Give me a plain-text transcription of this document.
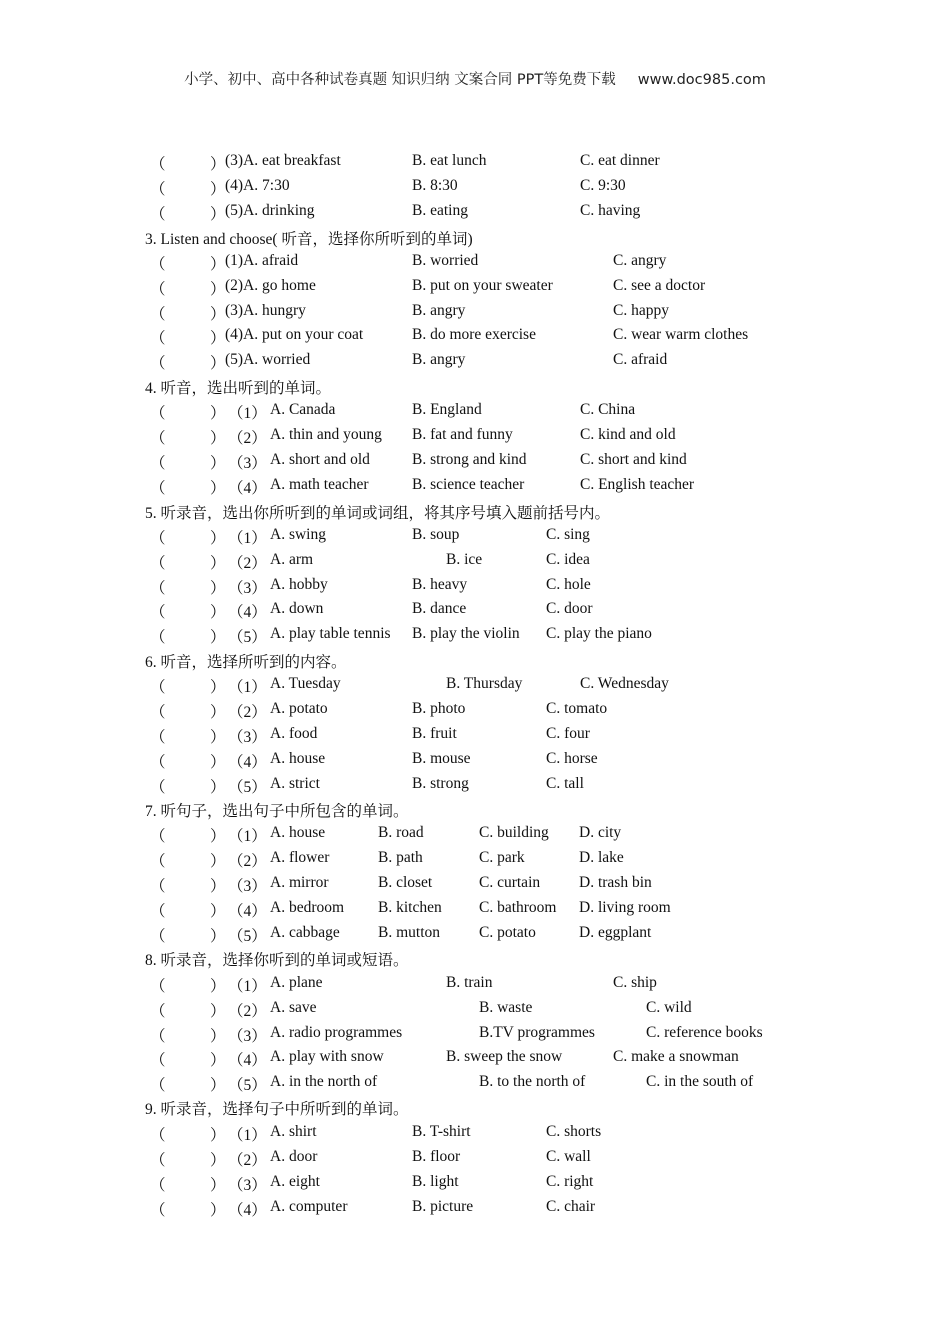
小学、初中、高中各种试卷真题 知识归纳 文案合同 PPT等免费下载 www.doc985.com
（	） (3)A. eat breakfast	B. eat lunch	C. eat dinner
（	） (4)A. 7:30	B. 8:30	C. 9:30
（	） (5)A. drinking	B. eating	C. having
3. Listen and choose( 听音，选择你所听到的单词)
（	） (1)A. afraid	B. worried	C. angry
（	） (2)A. go home	B. put on your sweater	C. see a doctor
（	） (3)A. hungry	B. angry	C. happy
（	） (4)A. put on your coat	B. do more exercise	C. wear warm clothes
（	） (5)A. worried	B. angry	C. afraid
4. 听音，选出听到的单词。
（	） （1） A. Canada	B. England	C. China
（	） （2） A. thin and young B. fat and funny	C. kind and old
（	） （3） A. short and old	B. strong and kind	C. short and kind
（	） （4） A. math teacher	B. science teacher	C. English teacher
5. 听录音，选出你所听到的单词或词组，将其序号填入题前括号内。
（	） （1） A. swing	B. soup	C. sing
（	） （2） A. arm	B. ice	C. idea
（	） （3） A. hobby	B. heavy	C. hole
（	） （4） A. down	B. dance	C. door
（	） （5） A. play table tennis B. play the violin C. play the piano
6. 听音，选择所听到的内容。
（	） （1） A. Tuesday	B. Thursday	C. Wednesday
（	） （2） A. potato	B. photo	C. tomato
（	） （3） A. food	B. fruit	C. four
（	） （4） A. house	B. mouse	C. horse
（	） （5） A. strict	B. strong	C. tall
7. 听句子，选出句子中所包含的单词。
（	） （1） A. house	B. road	C. building D. city
（	） （2） A. flower	B. path	C. park	D. lake
（	） （3） A. mirror	B. closet	C. curtain	D. trash bin
（	） （4） A. bedroom B. kitchen C. bathroom D. living room
（	） （5） A. cabbage B. mutton	C. potato	D. eggplant
8. 听录音，选择你听到的单词或短语。
（	） （1） A. plane	B. train	C. ship
（	） （2） A. save	B. waste	C. wild
（	） （3） A. radio programmes	B.TV programmes	C. reference books
（	） （4） A. play with snow	B. sweep the snow	C. make a snowman
（	） （5） A. in the north of	B. to the north of	C. in the south of
9. 听录音，选择句子中所听到的单词。
（	） （1） A. shirt	B. T-shirt	C. shorts
（	） （2） A. door	B. floor	C. wall
（	） （3） A. eight	B. light	C. right
（	） （4） A. computer	B. picture	C. chair
